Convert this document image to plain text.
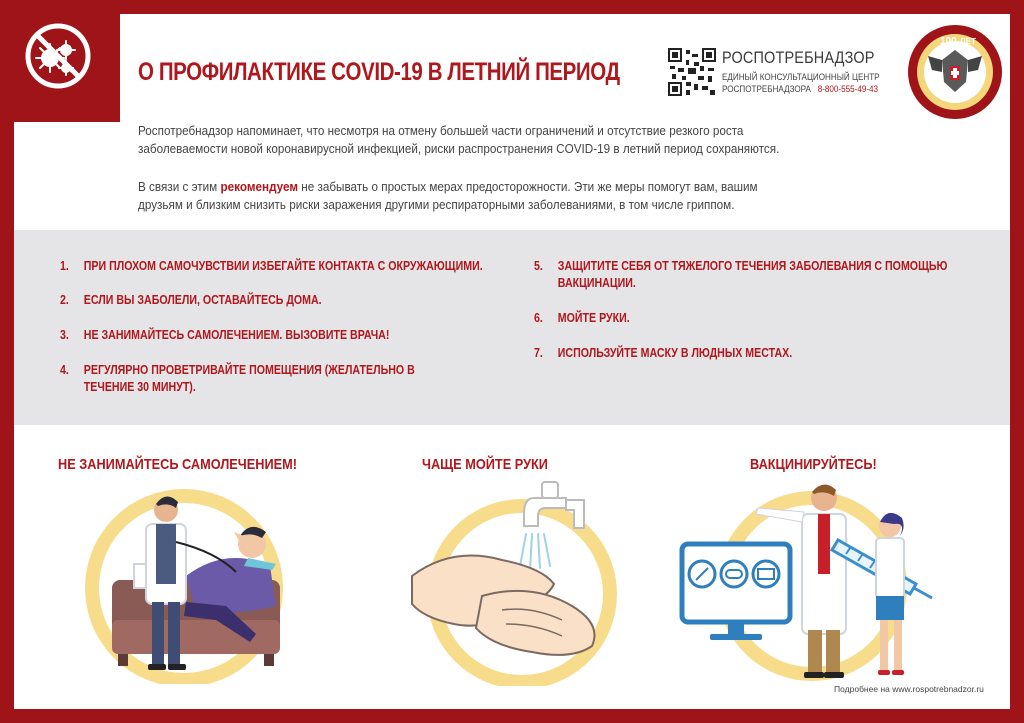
О ПРОФИЛАКТИКЕ COVID-19 В ЛЕТНИЙ ПЕРИОД
РОСПОТРЕБНАДЗОР
ЕДИНЫЙ КОНСУЛЬТАЦИОННЫЙ ЦЕНТР
РОСПОТРЕБНАДЗОРА 8-800-555-49-43
100 ЛЕТ
Роспотребнадзор напоминает, что несмотря на отмену большей части ограничений и отсутствие резкого роста заболеваемости новой коронавирусной инфекцией, риски распространения COVID-19 в летний период сохраняются.
В связи с этим рекомендуем не забывать о простых мерах предосторожности. Эти же меры помогут вам, вашим друзьям и близким снизить риски заражения другими респираторными заболеваниями, в том числе гриппом.
1. ПРИ ПЛОХОМ САМОЧУВСТВИИ ИЗБЕГАЙТЕ КОНТАКТА С ОКРУЖАЮЩИМИ.
2. ЕСЛИ ВЫ ЗАБОЛЕЛИ, ОСТАВАЙТЕСЬ ДОМА.
3. НЕ ЗАНИМАЙТЕСЬ САМОЛЕЧЕНИЕМ. ВЫЗОВИТЕ ВРАЧА!
4. РЕГУЛЯРНО ПРОВЕТРИВАЙТЕ ПОМЕЩЕНИЯ (ЖЕЛАТЕЛЬНО В ТЕЧЕНИЕ 30 МИНУТ).
5. ЗАЩИТИТЕ СЕБЯ ОТ ТЯЖЕЛОГО ТЕЧЕНИЯ ЗАБОЛЕВАНИЯ С ПОМОЩЬЮ ВАКЦИНАЦИИ.
6. МОЙТЕ РУКИ.
7. ИСПОЛЬЗУЙТЕ МАСКУ В ЛЮДНЫХ МЕСТАХ.
НЕ ЗАНИМАЙТЕСЬ САМОЛЕЧЕНИЕМ!	ЧАЩЕ МОЙТЕ РУКИ	ВАКЦИНИРУЙТЕСЬ!
Подробнее на www.rospotrebnadzor.ru
